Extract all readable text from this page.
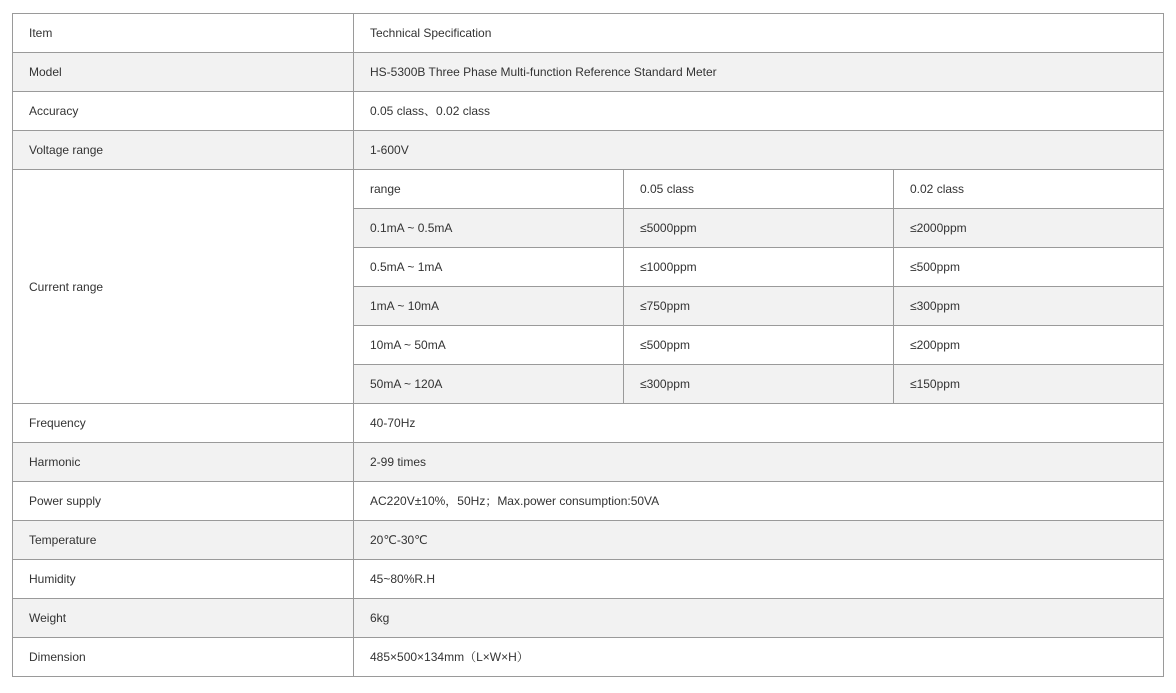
Item	Technical Specification		
Model	HS-5300B Three Phase Multi-function Reference Standard Meter		
Accuracy	0.05 class、0.02 class		
Voltage range	1-600V		
Current range	range	0.05 class	0.02 class
	0.1mA ~ 0.5mA	≤5000ppm	≤2000ppm
	0.5mA ~ 1mA	≤1000ppm	≤500ppm
	1mA ~ 10mA	≤750ppm	≤300ppm
	10mA ~ 50mA	≤500ppm	≤200ppm
	50mA ~ 120A	≤300ppm	≤150ppm
Frequency	40-70Hz		
Harmonic	2-99 times		
Power supply	AC220V±10%，50Hz；Max.power consumption:50VA		
Temperature	20℃-30℃		
Humidity	45~80%R.H		
Weight	6kg		
Dimension	485×500×134mm（L×W×H）		
